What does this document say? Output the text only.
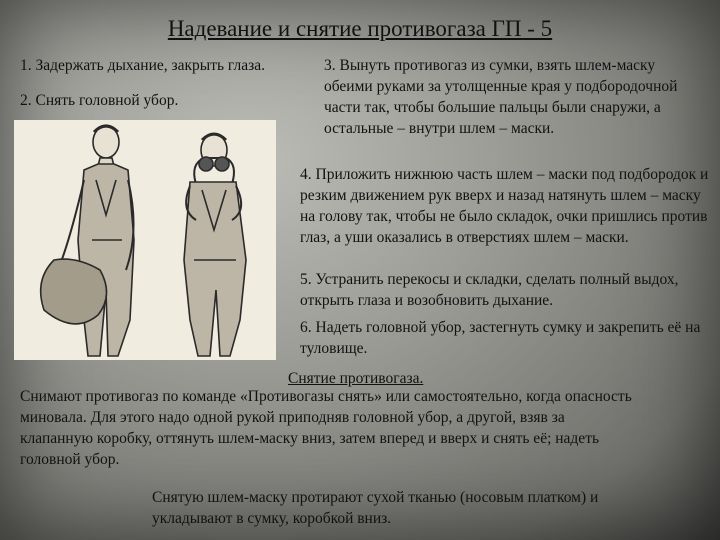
Надевание и снятие противогаза ГП - 5
1. Задержать дыхание, закрыть глаза.
2. Снять головной убор.
3. Вынуть противогаз из сумки, взять шлем-маску обеими руками за утолщенные края у подбородочной части так, чтобы большие пальцы были снаружи, а остальные – внутри шлем – маски.
4. Приложить нижнюю часть шлем – маски под подбородок и резким движением рук вверх и назад натянуть шлем – маску на голову так, чтобы не было складок, очки пришлись против глаз, а уши оказались в отверстиях шлем – маски.
5. Устранить перекосы и складки, сделать полный выдох, открыть глаза и возобновить дыхание.
6. Надеть головной убор, застегнуть сумку и закрепить её на туловище.
Снятие противогаза.
Снимают противогаз по команде «Противогазы снять» или самостоятельно, когда опасность миновала. Для этого надо одной рукой приподняв головной убор, а другой, взяв за клапанную коробку, оттянуть шлем-маску вниз, затем вперед и вверх и снять её; надеть головной убор.
Снятую шлем-маску протирают сухой тканью (носовым платком) и укладывают в сумку, коробкой вниз.
